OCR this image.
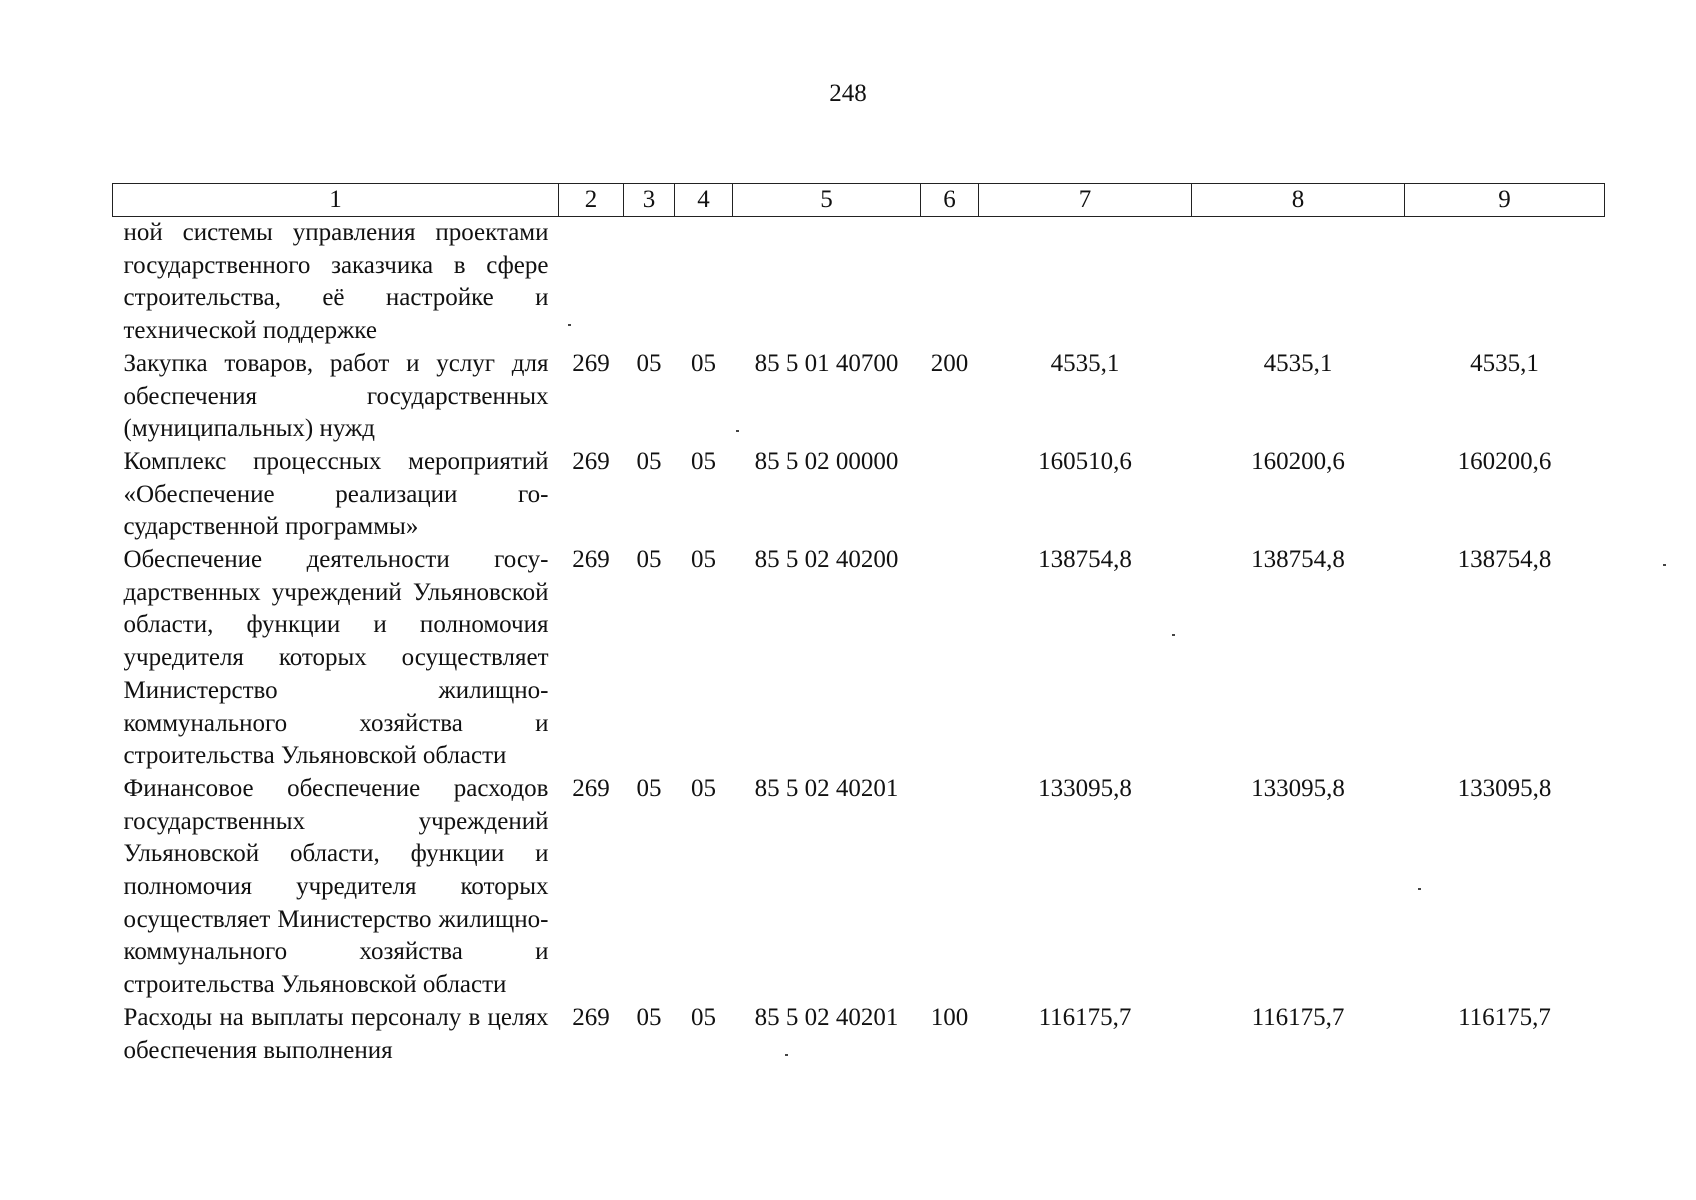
248
1	2	3	4	5	6	7	8	9
ной системы управления проектами государственного заказчика в сфере строительства, её настройке и технической поддержке								
Закупка товаров, работ и услуг для обеспечения государственных (муниципальных) нужд	269	05	05	85 5 01 40700	200	4535,1	4535,1	4535,1
Комплекс процессных мероприятий «Обеспечение реализации государственной программы»	269	05	05	85 5 02 00000		160510,6	160200,6	160200,6
Обеспечение деятельности государственных учреждений Ульяновской области, функции и полномочия учредителя которых осуществляет Министерство жилищно-коммунального хозяйства и строительства Ульяновской области	269	05	05	85 5 02 40200		138754,8	138754,8	138754,8
Финансовое обеспечение расходов государственных учреждений Ульяновской области, функции и полномочия учредителя которых осуществляет Министерство жилищно-коммунального хозяйства и строительства Ульяновской области	269	05	05	85 5 02 40201		133095,8	133095,8	133095,8
Расходы на выплаты персоналу в целях обеспечения выполнения	269	05	05	85 5 02 40201	100	116175,7	116175,7	116175,7
